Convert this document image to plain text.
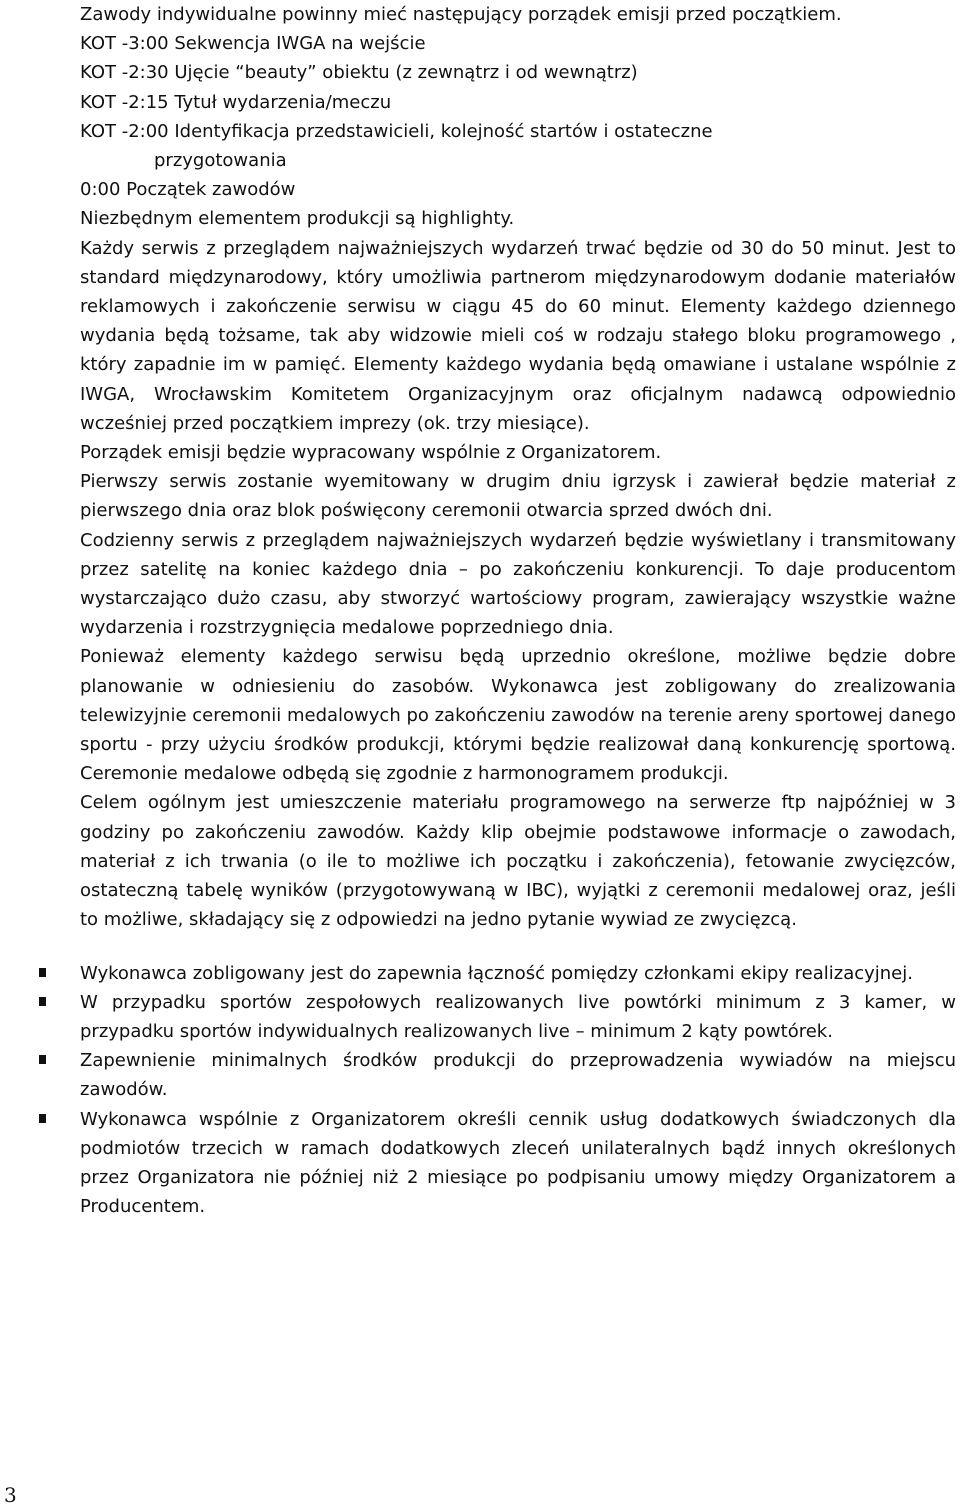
Zawody indywidualne powinny mieć następujący porządek emisji przed początkiem.

KOT -3:00 Sekwencja IWGA na wejście

KOT -2:30 Ujęcie “beauty” obiektu (z zewnątrz i od wewnątrz)

KOT -2:15 Tytuł wydarzenia/meczu

KOT -2:00 Identyfikacja przedstawicieli, kolejność startów i ostateczne

przygotowania

0:00 Początek zawodów

Niezbędnym elementem produkcji są highlighty.

Każdy serwis z przeglądem najważniejszych wydarzeń trwać będzie od 30 do 50 minut. Jest to standard międzynarodowy, który umożliwia partnerom międzynarodowym dodanie materiałów reklamowych i zakończenie serwisu w ciągu 45 do 60 minut. Elementy każdego dziennego wydania będą tożsame, tak aby widzowie mieli coś w rodzaju stałego bloku programowego , który zapadnie im w pamięć. Elementy każdego wydania będą omawiane i ustalane wspólnie z IWGA, Wrocławskim Komitetem Organizacyjnym oraz oficjalnym nadawcą odpowiednio wcześniej przed początkiem imprezy (ok. trzy miesiące).

Porządek emisji będzie wypracowany wspólnie z Organizatorem.

Pierwszy serwis zostanie wyemitowany w drugim dniu igrzysk i zawierał będzie materiał z pierwszego dnia oraz blok poświęcony ceremonii otwarcia sprzed dwóch dni.

Codzienny serwis z przeglądem najważniejszych wydarzeń będzie wyświetlany i transmitowany przez satelitę na koniec każdego dnia – po zakończeniu konkurencji. To daje producentom wystarczająco dużo czasu, aby stworzyć wartościowy program, zawierający wszystkie ważne wydarzenia i rozstrzygnięcia medalowe poprzedniego dnia.

Ponieważ elementy każdego serwisu będą uprzednio określone, możliwe będzie dobre planowanie w odniesieniu do zasobów. Wykonawca jest zobligowany do zrealizowania telewizyjnie ceremonii medalowych po zakończeniu zawodów na terenie areny sportowej danego sportu - przy użyciu środków produkcji, którymi będzie realizował daną konkurencję sportową. Ceremonie medalowe odbędą się zgodnie z harmonogramem produkcji.

Celem ogólnym jest umieszczenie materiału programowego na serwerze ftp najpóźniej w 3 godziny po zakończeniu zawodów. Każdy klip obejmie podstawowe informacje o zawodach, materiał z ich trwania (o ile to możliwe ich początku i zakończenia), fetowanie zwycięzców, ostateczną tabelę wyników (przygotowywaną w IBC), wyjątki z ceremonii medalowej oraz, jeśli to możliwe, składający się z odpowiedzi na jedno pytanie wywiad ze zwycięzcą.

Wykonawca zobligowany jest do zapewnia łączność pomiędzy członkami ekipy realizacyjnej.
W przypadku sportów zespołowych realizowanych live powtórki minimum z 3 kamer, w przypadku sportów indywidualnych realizowanych live – minimum 2 kąty powtórek.
Zapewnienie minimalnych środków produkcji do przeprowadzenia wywiadów na miejscu zawodów.
Wykonawca wspólnie z Organizatorem określi cennik usług dodatkowych świadczonych dla podmiotów trzecich w ramach dodatkowych zleceń unilateralnych bądź innych określonych przez Organizatora nie później niż 2 miesiące po podpisaniu umowy między Organizatorem a Producentem.
3
